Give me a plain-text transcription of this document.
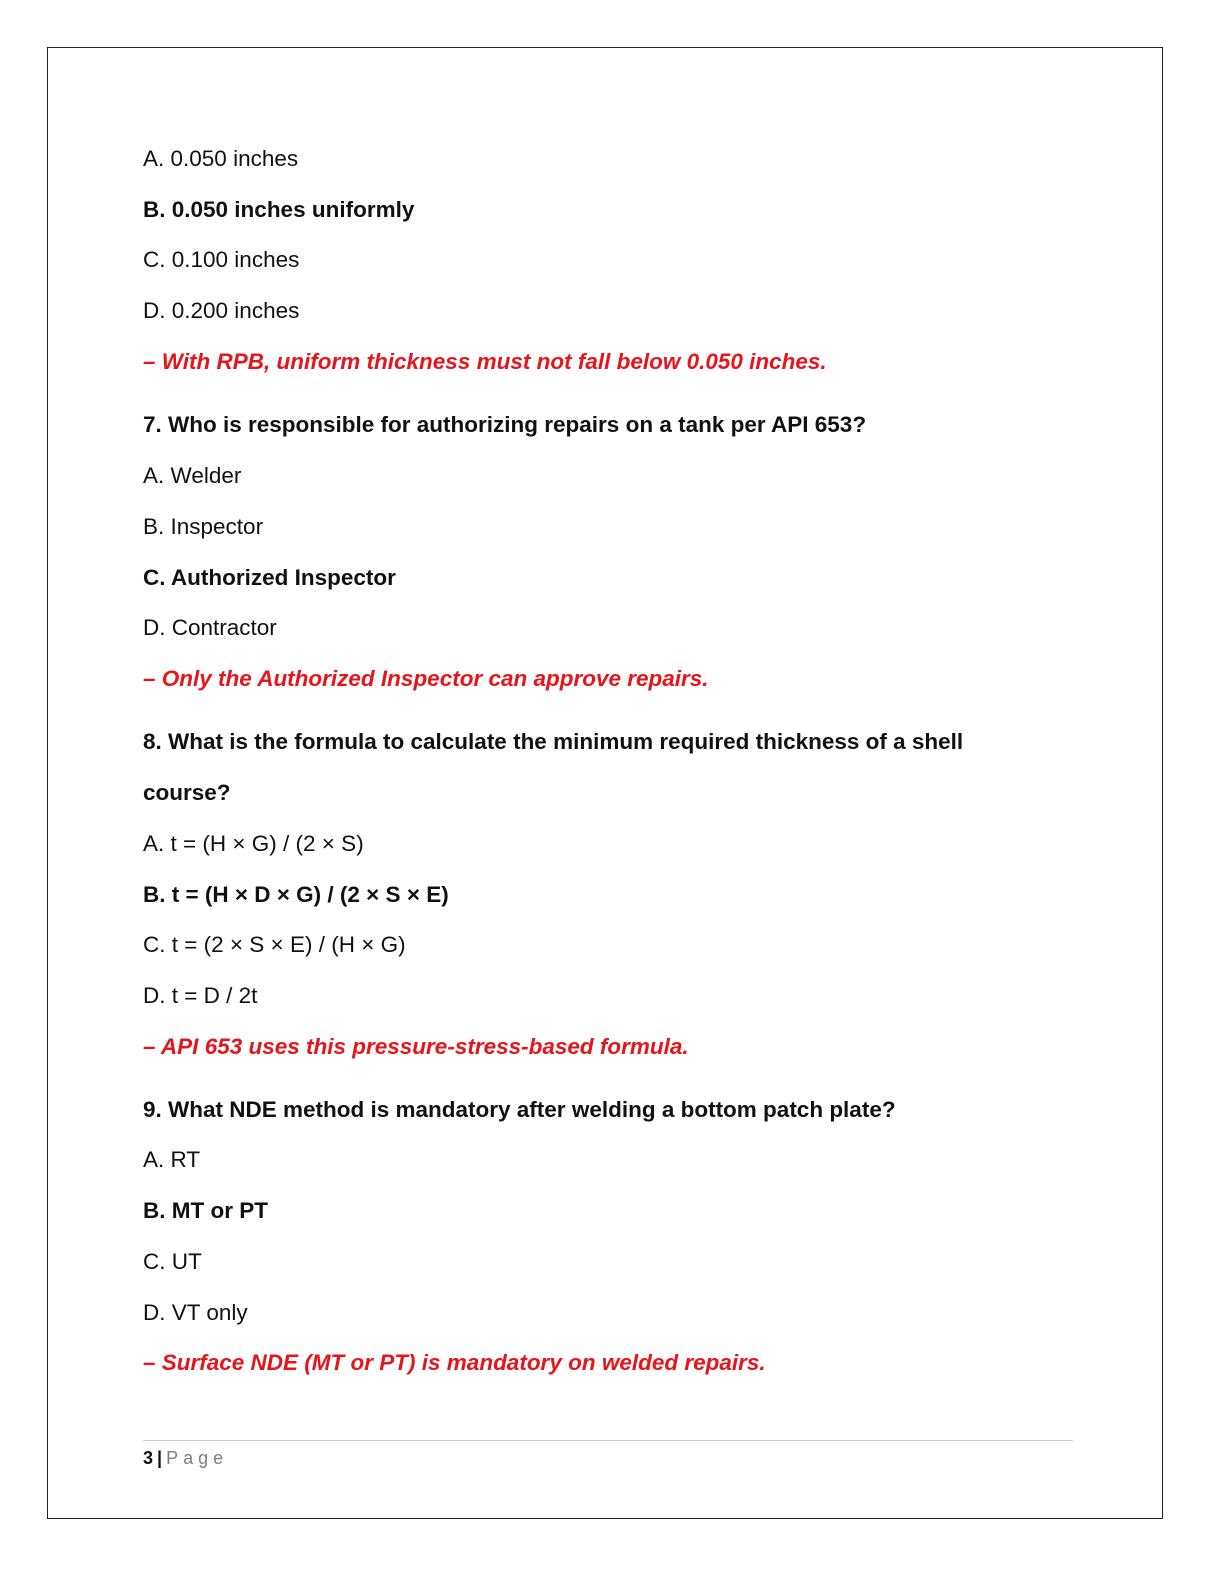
A. 0.050 inches
B. 0.050 inches uniformly
C. 0.100 inches
D. 0.200 inches
– With RPB, uniform thickness must not fall below 0.050 inches.
7. Who is responsible for authorizing repairs on a tank per API 653?
A. Welder
B. Inspector
C. Authorized Inspector
D. Contractor
– Only the Authorized Inspector can approve repairs.
8. What is the formula to calculate the minimum required thickness of a shell
course?
A. t = (H × G) / (2 × S)
B. t = (H × D × G) / (2 × S × E)
C. t = (2 × S × E) / (H × G)
D. t = D / 2t
– API 653 uses this pressure-stress-based formula.
9. What NDE method is mandatory after welding a bottom patch plate?
A. RT
B. MT or PT
C. UT
D. VT only
– Surface NDE (MT or PT) is mandatory on welded repairs.
3 | Page
